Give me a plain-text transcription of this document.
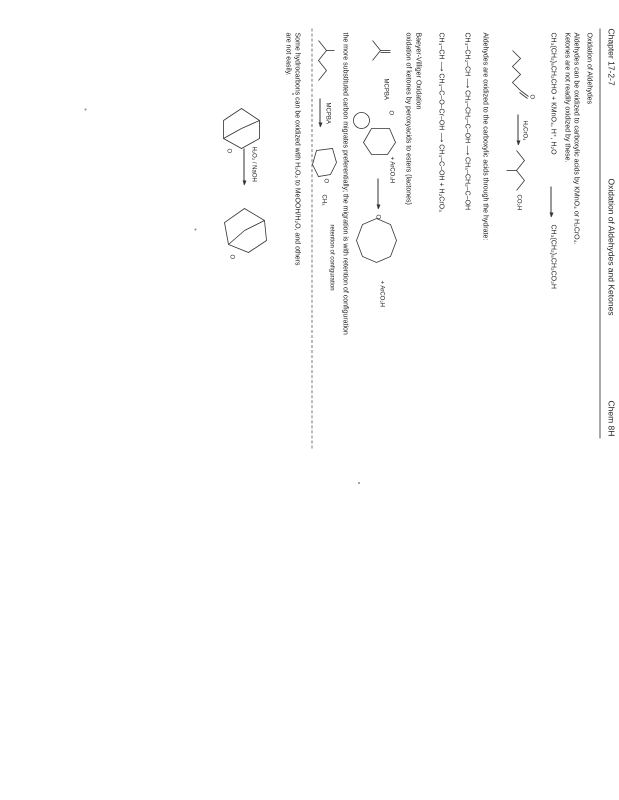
Chapter 17-2-7
Oxidation of Aldehydes and Ketones
Chem 8H
Oxidation of Aldehydes
Aldehydes can be oxidized to carboxylic acids by KMnO₄ or H₂CrO₄.
Ketones are not readily oxidized by these.
CH₃(CH₂)₅CH₂CHO + KMnO₄, H⁺, H₂O
CH₃(CH₂)₅CH₂CO₂H
O
H₂CrO₄
CO₂H
Aldehydes are oxidized to the carboxylic acids through the hydrate:
CH₃–CH₂–CH ⟶ CH₃–CH₂–C–OH ⟶ CH₃–CH₂–C–OH
CH₃–CH ⟶ CH₃–C–O–Cr–OH ⟶ CH₃–C–OH + H₂CrO₃
Baeyer-Villiger Oxidation
oxidation of ketones by peroxyacids to esters (lactones)
MCPBA
O
+ ArCO₃H
O
+ ArCO₂H
the more substituted carbon migrates preferentially; the migration is with retention of configuration
MCPBA
O
CH₃
retention of configuration
Some hydrocarbons can be oxidized with H₂O₂ to MeOOH/H₂O, and others
are not easily.
O	H₂O₂ / NaOH
O
